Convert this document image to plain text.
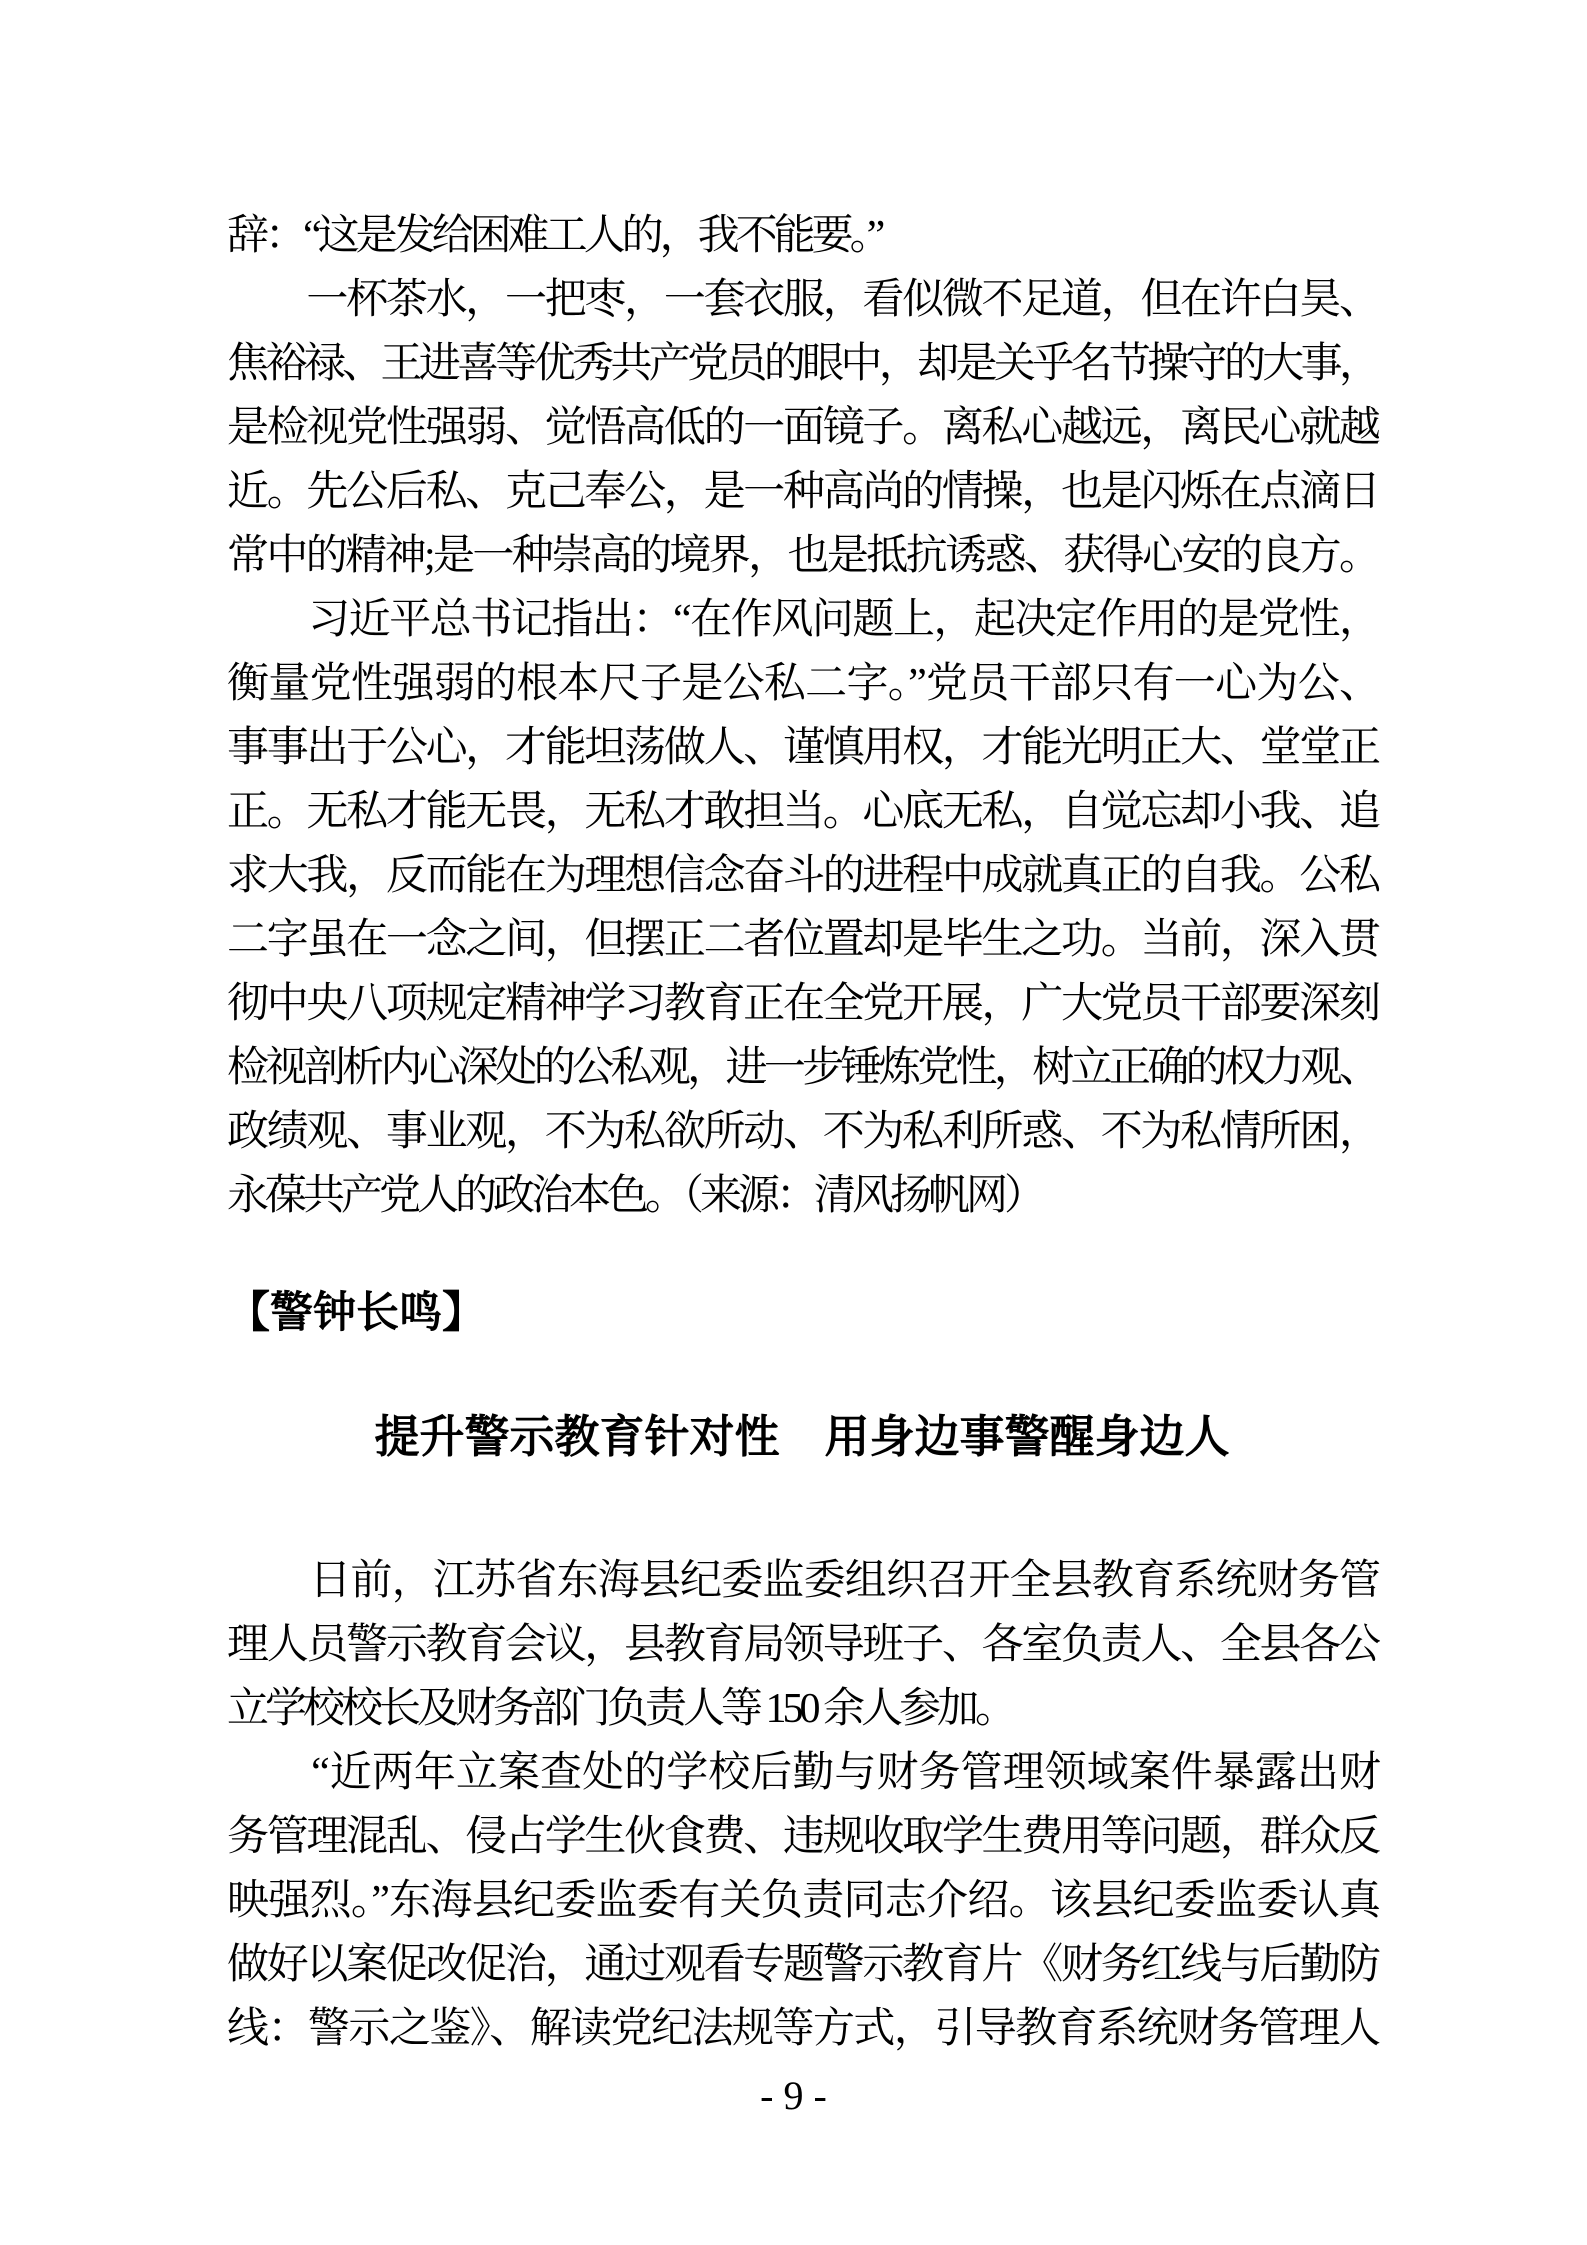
辞：“这是发给困难工人的，我不能要。”
　　一杯茶水，一把枣，一套衣服，看似微不足道，但在许白昊、
焦裕禄、王进喜等优秀共产党员的眼中，却是关乎名节操守的大事，
是检视党性强弱、觉悟高低的一面镜子。离私心越远，离民心就越
近。先公后私、克己奉公，是一种高尚的情操，也是闪烁在点滴日
常中的精神;是一种崇高的境界，也是抵抗诱惑、获得心安的良方。
　　习近平总书记指出：“在作风问题上，起决定作用的是党性，
衡量党性强弱的根本尺子是公私二字。”党员干部只有一心为公、
事事出于公心，才能坦荡做人、谨慎用权，才能光明正大、堂堂正
正。无私才能无畏，无私才敢担当。心底无私，自觉忘却小我、追
求大我，反而能在为理想信念奋斗的进程中成就真正的自我。公私
二字虽在一念之间，但摆正二者位置却是毕生之功。当前，深入贯
彻中央八项规定精神学习教育正在全党开展，广大党员干部要深刻
检视剖析内心深处的公私观，进一步锤炼党性，树立正确的权力观、
政绩观、事业观，不为私欲所动、不为私利所惑、不为私情所困，
永葆共产党人的政治本色。（来源：清风扬帆网）
【警钟长鸣】
提升警示教育针对性　用身边事警醒身边人
　　日前，江苏省东海县纪委监委组织召开全县教育系统财务管
理人员警示教育会议，县教育局领导班子、各室负责人、全县各公
立学校校长及财务部门负责人等 150 余人参加。
　　“近两年立案查处的学校后勤与财务管理领域案件暴露出财
务管理混乱、侵占学生伙食费、违规收取学生费用等问题，群众反
映强烈。”东海县纪委监委有关负责同志介绍。该县纪委监委认真
做好以案促改促治，通过观看专题警示教育片《财务红线与后勤防
线：警示之鉴》、解读党纪法规等方式，引导教育系统财务管理人
- 9 -
